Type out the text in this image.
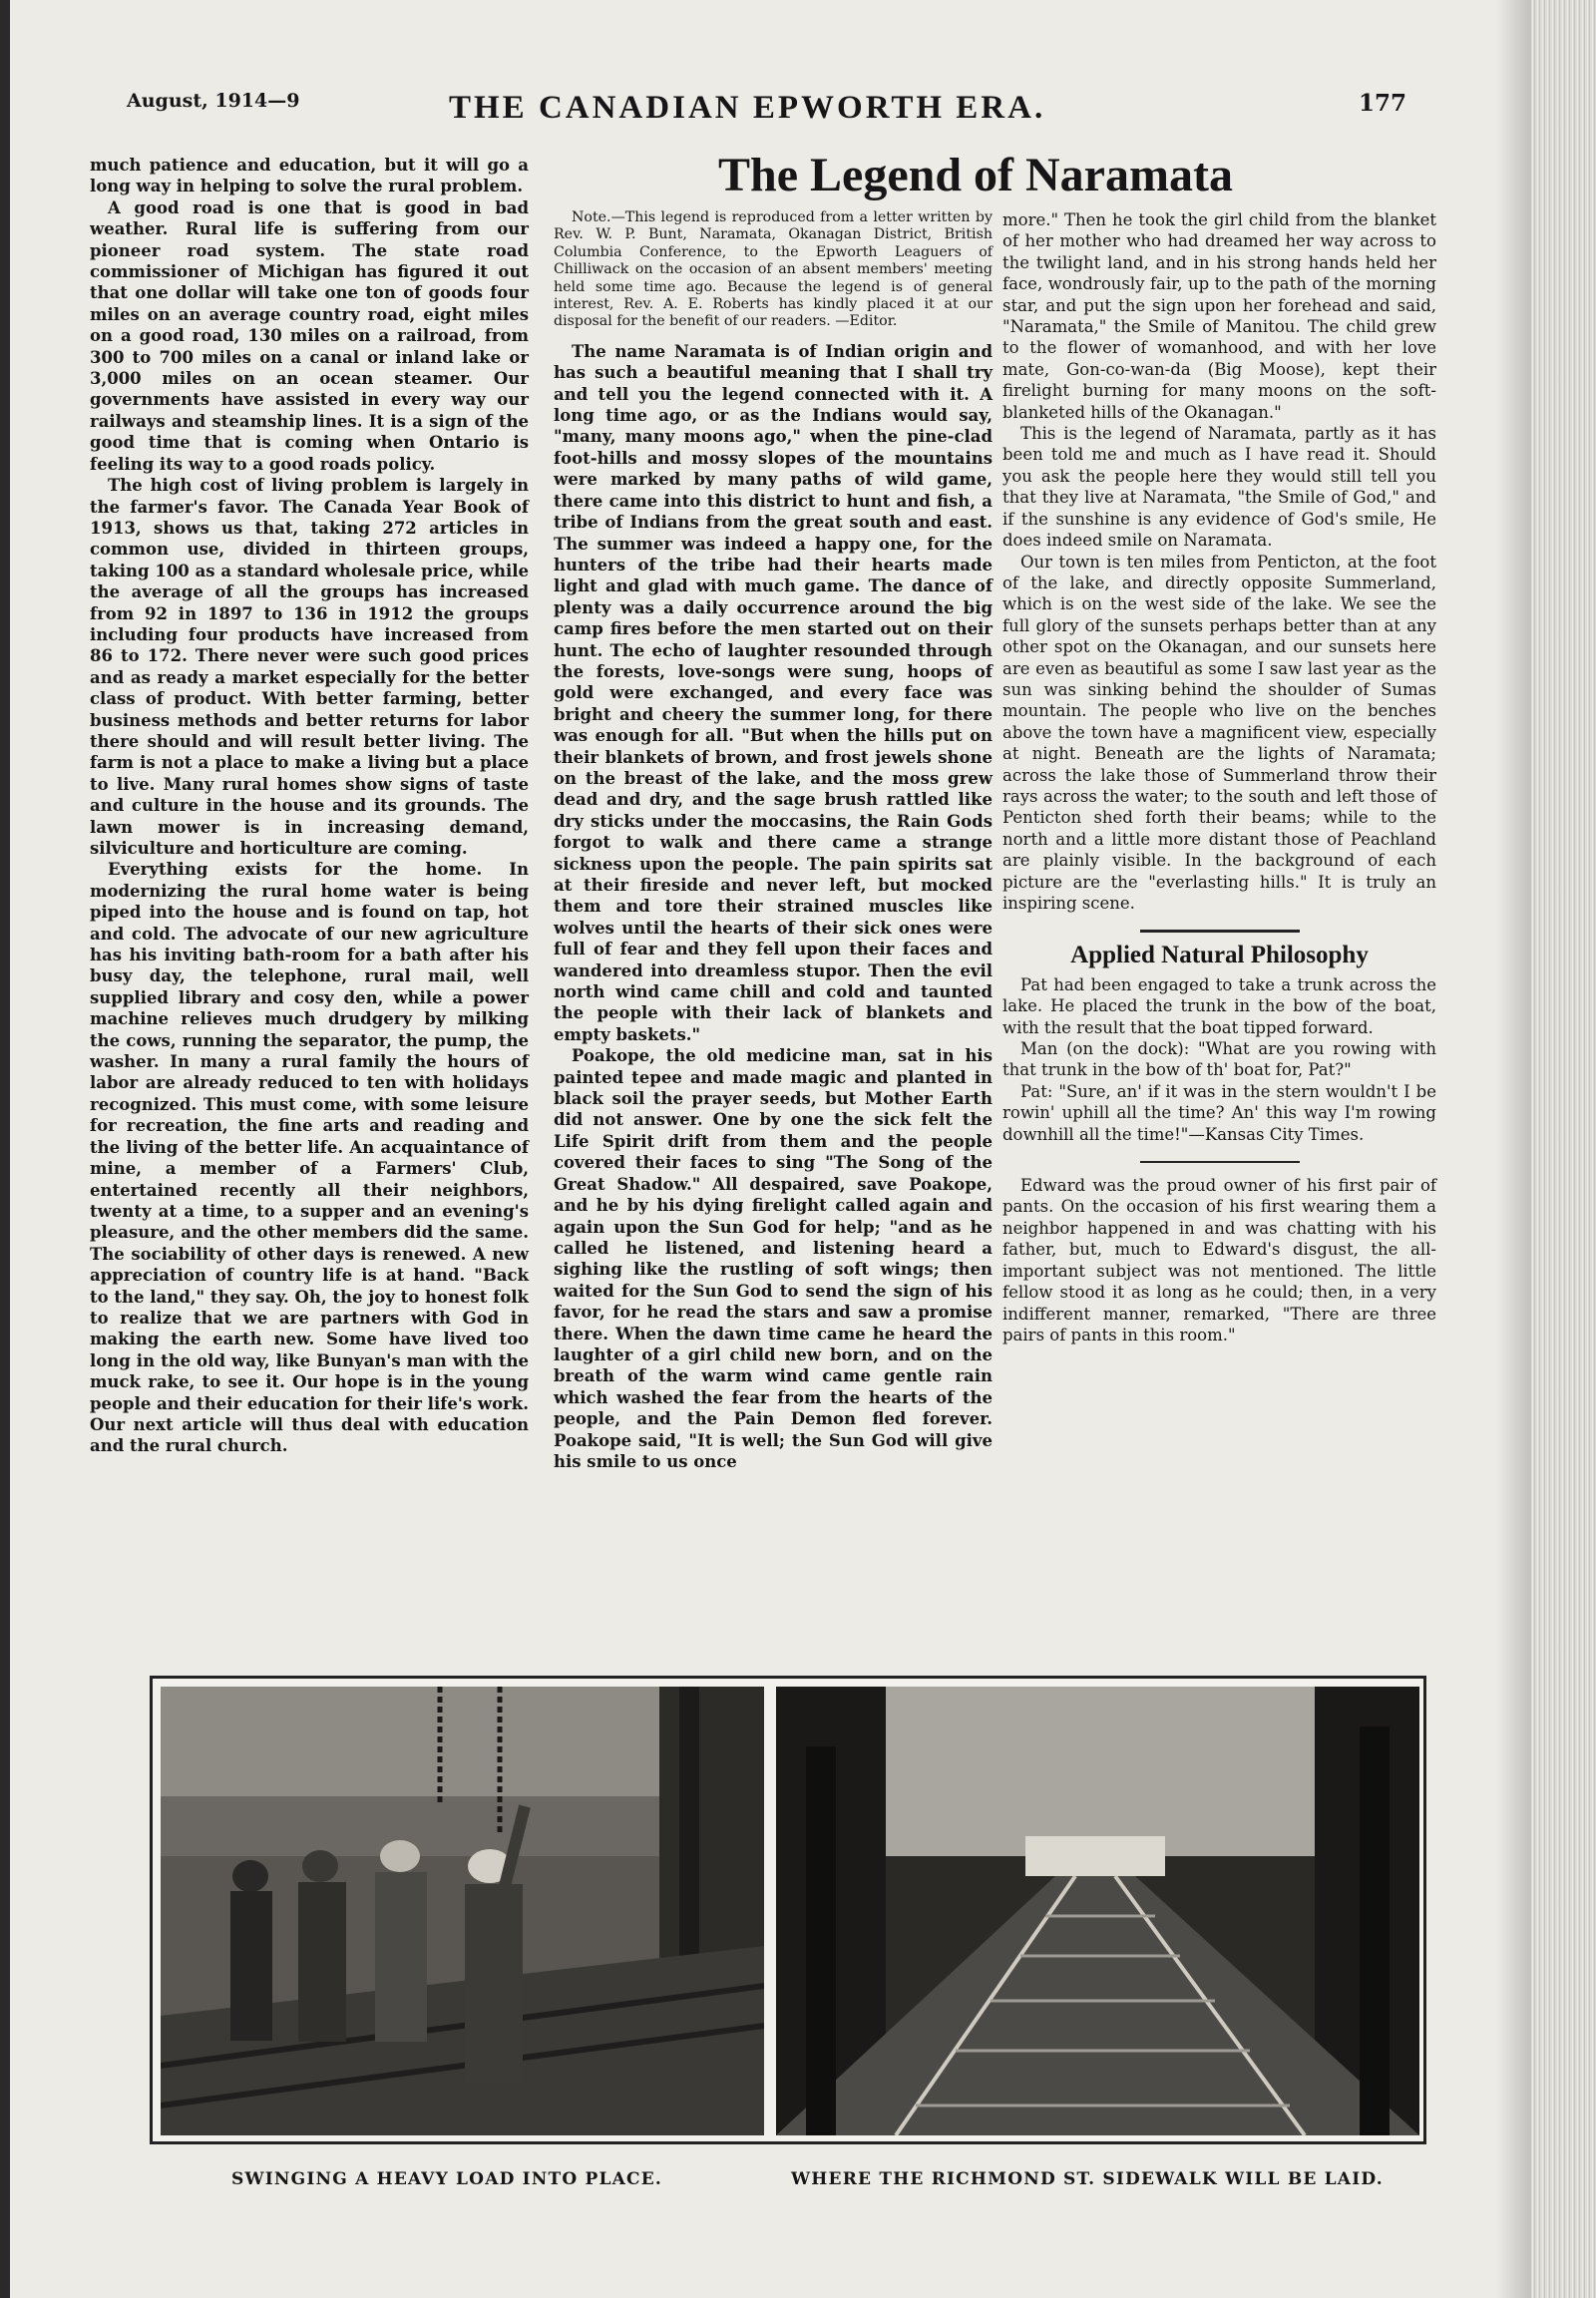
August, 1914—9	THE CANADIAN EPWORTH ERA.	177

much patience and education, but it will go a long way in helping to solve the rural problem.

A good road is one that is good in bad weather. Rural life is suffering from our pioneer road system. The state road commissioner of Michigan has figured it out that one dollar will take one ton of goods four miles on an average country road, eight miles on a good road, 130 miles on a railroad, from 300 to 700 miles on a canal or inland lake or 3,000 miles on an ocean steamer. Our governments have assisted in every way our railways and steamship lines. It is a sign of the good time that is coming when Ontario is feeling its way to a good roads policy.

The high cost of living problem is largely in the farmer's favor. The Canada Year Book of 1913, shows us that, taking 272 articles in common use, divided in thirteen groups, taking 100 as a standard wholesale price, while the average of all the groups has increased from 92 in 1897 to 136 in 1912 the groups including four products have increased from 86 to 172. There never were such good prices and as ready a market especially for the better class of product. With better farming, better business methods and better returns for labor there should and will result better living. The farm is not a place to make a living but a place to live. Many rural homes show signs of taste and culture in the house and its grounds. The lawn mower is in increasing demand, silviculture and horticulture are coming.

Everything exists for the home. In modernizing the rural home water is being piped into the house and is found on tap, hot and cold. The advocate of our new agriculture has his inviting bath-room for a bath after his busy day, the telephone, rural mail, well supplied library and cosy den, while a power machine relieves much drudgery by milking the cows, running the separator, the pump, the washer. In many a rural family the hours of labor are already reduced to ten with holidays recognized. This must come, with some leisure for recreation, the fine arts and reading and the living of the better life. An acquaintance of mine, a member of a Farmers' Club, entertained recently all their neighbors, twenty at a time, to a supper and an evening's pleasure, and the other members did the same. The sociability of other days is renewed. A new appreciation of country life is at hand. "Back to the land," they say. Oh, the joy to honest folk to realize that we are partners with God in making the earth new. Some have lived too long in the old way, like Bunyan's man with the muck rake, to see it. Our hope is in the young people and their education for their life's work. Our next article will thus deal with education and the rural church.

The Legend of Naramata

Note.—This legend is reproduced from a letter written by Rev. W. P. Bunt, Naramata, Okanagan District, British Columbia Conference, to the Epworth Leaguers of Chilliwack on the occasion of an absent members' meeting held some time ago. Because the legend is of general interest, Rev. A. E. Roberts has kindly placed it at our disposal for the benefit of our readers. —Editor.

The name Naramata is of Indian origin and has such a beautiful meaning that I shall try and tell you the legend connected with it. A long time ago, or as the Indians would say, "many, many moons ago," when the pine-clad foot-hills and mossy slopes of the mountains were marked by many paths of wild game, there came into this district to hunt and fish, a tribe of Indians from the great south and east. The summer was indeed a happy one, for the hunters of the tribe had their hearts made light and glad with much game. The dance of plenty was a daily occurrence around the big camp fires before the men started out on their hunt. The echo of laughter resounded through the forests, love-songs were sung, hoops of gold were exchanged, and every face was bright and cheery the summer long, for there was enough for all. "But when the hills put on their blankets of brown, and frost jewels shone on the breast of the lake, and the moss grew dead and dry, and the sage brush rattled like dry sticks under the moccasins, the Rain Gods forgot to walk and there came a strange sickness upon the people. The pain spirits sat at their fireside and never left, but mocked them and tore their strained muscles like wolves until the hearts of their sick ones were full of fear and they fell upon their faces and wandered into dreamless stupor. Then the evil north wind came chill and cold and taunted the people with their lack of blankets and empty baskets."

Poakope, the old medicine man, sat in his painted tepee and made magic and planted in black soil the prayer seeds, but Mother Earth did not answer. One by one the sick felt the Life Spirit drift from them and the people covered their faces to sing "The Song of the Great Shadow." All despaired, save Poakope, and he by his dying firelight called again and again upon the Sun God for help; "and as he called he listened, and listening heard a sighing like the rustling of soft wings; then waited for the Sun God to send the sign of his favor, for he read the stars and saw a promise there. When the dawn time came he heard the laughter of a girl child new born, and on the breath of the warm wind came gentle rain which washed the fear from the hearts of the people, and the Pain Demon fled forever. Poakope said, "It is well; the Sun God will give his smile to us once

more." Then he took the girl child from the blanket of her mother who had dreamed her way across to the twilight land, and in his strong hands held her face, wondrously fair, up to the path of the morning star, and put the sign upon her forehead and said, "Naramata," the Smile of Manitou. The child grew to the flower of womanhood, and with her love mate, Gon-co-wan-da (Big Moose), kept their firelight burning for many moons on the soft-blanketed hills of the Okanagan."

This is the legend of Naramata, partly as it has been told me and much as I have read it. Should you ask the people here they would still tell you that they live at Naramata, "the Smile of God," and if the sunshine is any evidence of God's smile, He does indeed smile on Naramata.

Our town is ten miles from Penticton, at the foot of the lake, and directly opposite Summerland, which is on the west side of the lake. We see the full glory of the sunsets perhaps better than at any other spot on the Okanagan, and our sunsets here are even as beautiful as some I saw last year as the sun was sinking behind the shoulder of Sumas mountain. The people who live on the benches above the town have a magnificent view, especially at night. Beneath are the lights of Naramata; across the lake those of Summerland throw their rays across the water; to the south and left those of Penticton shed forth their beams; while to the north and a little more distant those of Peachland are plainly visible. In the background of each picture are the "everlasting hills." It is truly an inspiring scene.

Applied Natural Philosophy

Pat had been engaged to take a trunk across the lake. He placed the trunk in the bow of the boat, with the result that the boat tipped forward.

Man (on the dock): "What are you rowing with that trunk in the bow of th' boat for, Pat?"

Pat: "Sure, an' if it was in the stern wouldn't I be rowin' uphill all the time? An' this way I'm rowing downhill all the time!"—Kansas City Times.

Edward was the proud owner of his first pair of pants. On the occasion of his first wearing them a neighbor happened in and was chatting with his father, but, much to Edward's disgust, the all-important subject was not mentioned. The little fellow stood it as long as he could; then, in a very indifferent manner, remarked, "There are three pairs of pants in this room."

SWINGING A HEAVY LOAD INTO PLACE.	WHERE THE RICHMOND ST. SIDEWALK WILL BE LAID.
